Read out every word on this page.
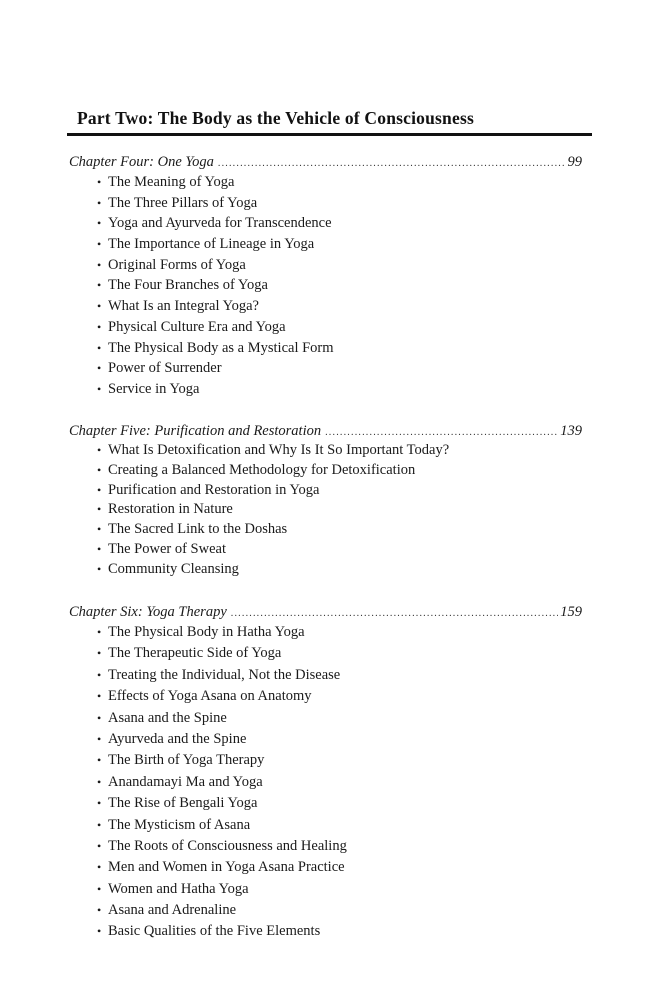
Part Two: The Body as the Vehicle of Consciousness
Chapter Four: One Yoga .....	99
• The Meaning of Yoga
• The Three Pillars of Yoga
• Yoga and Ayurveda for Transcendence
• The Importance of Lineage in Yoga
• Original Forms of Yoga
• The Four Branches of Yoga
• What Is an Integral Yoga?
• Physical Culture Era and Yoga
• The Physical Body as a Mystical Form
• Power of Surrender
• Service in Yoga
Chapter Five: Purification and Restoration .....	139
• What Is Detoxification and Why Is It So Important Today?
• Creating a Balanced Methodology for Detoxification
• Purification and Restoration in Yoga
• Restoration in Nature
• The Sacred Link to the Doshas
• The Power of Sweat
• Community Cleansing
Chapter Six: Yoga Therapy .....	159
• The Physical Body in Hatha Yoga
• The Therapeutic Side of Yoga
• Treating the Individual, Not the Disease
• Effects of Yoga Asana on Anatomy
• Asana and the Spine
• Ayurveda and the Spine
• The Birth of Yoga Therapy
• Anandamayi Ma and Yoga
• The Rise of Bengali Yoga
• The Mysticism of Asana
• The Roots of Consciousness and Healing
• Men and Women in Yoga Asana Practice
• Women and Hatha Yoga
• Asana and Adrenaline
• Basic Qualities of the Five Elements
